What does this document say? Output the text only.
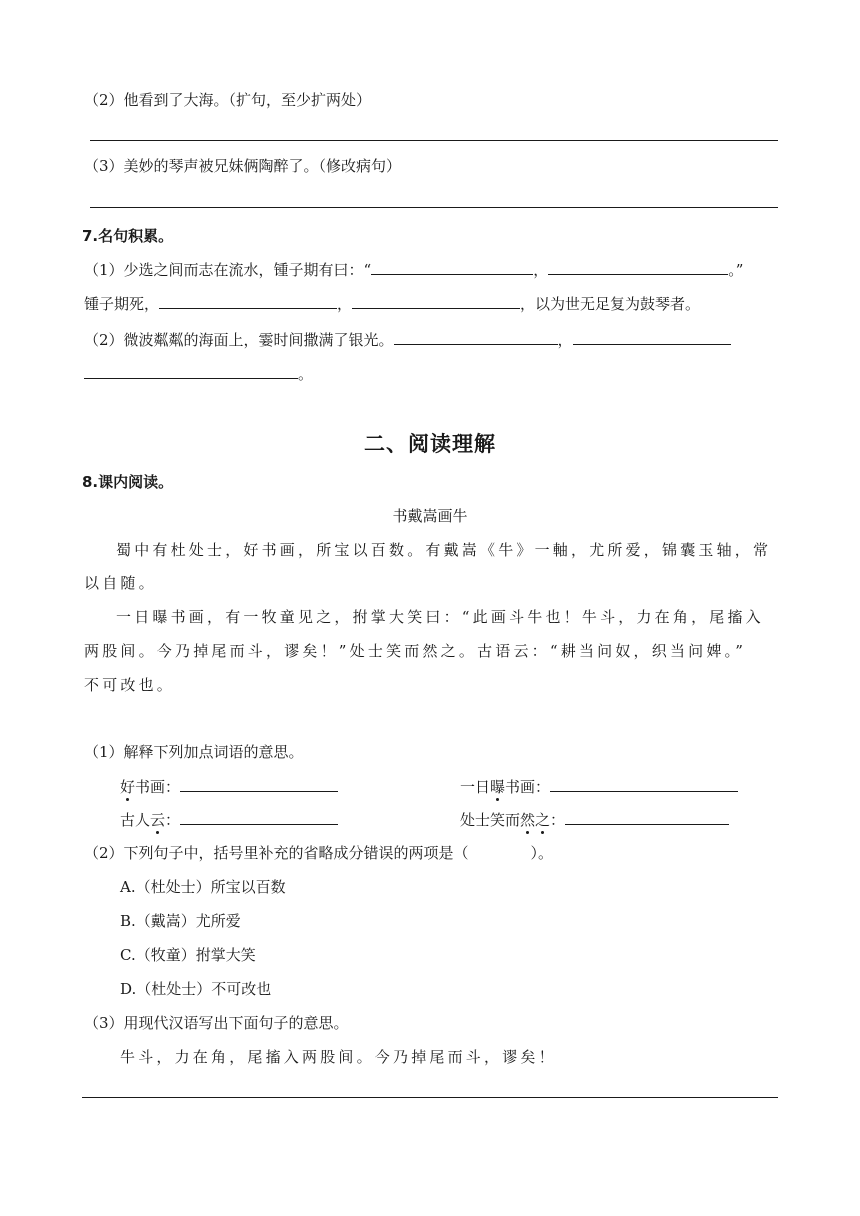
（2）他看到了大海。（扩句，至少扩两处）
（3）美妙的琴声被兄妹俩陶醉了。（修改病句）
7.名句积累。
（1）少选之间而志在流水，锺子期有曰：“	，	。”
锺子期死，	，	，以为世无足复为鼓琴者。
（2）微波粼粼的海面上，霎时间撒满了银光。	，
。
二、阅读理解
8.课内阅读。
书戴嵩画牛
蜀中有杜处士，好书画，所宝以百数。有戴嵩《牛》一軸，尤所爱，锦囊玉轴，常
以自随。
一日曝书画，有一牧童见之，拊掌大笑曰：“此画斗牛也！牛斗，力在角，尾搐入
两股间。今乃掉尾而斗，谬矣！”处士笑而然之。古语云：“耕当问奴，织当问婢。”
不可改也。
（1）解释下列加点词语的意思。
好书画：	一日曝书画：
古人云：	处士笑而然之：
（2）下列句子中，括号里补充的省略成分错误的两项是（	）。
A.（杜处士）所宝以百数
B.（戴嵩）尤所爱
C.（牧童）拊掌大笑
D.（杜处士）不可改也
（3）用现代汉语写出下面句子的意思。
牛斗，力在角，尾搐入两股间。今乃掉尾而斗，谬矣！
